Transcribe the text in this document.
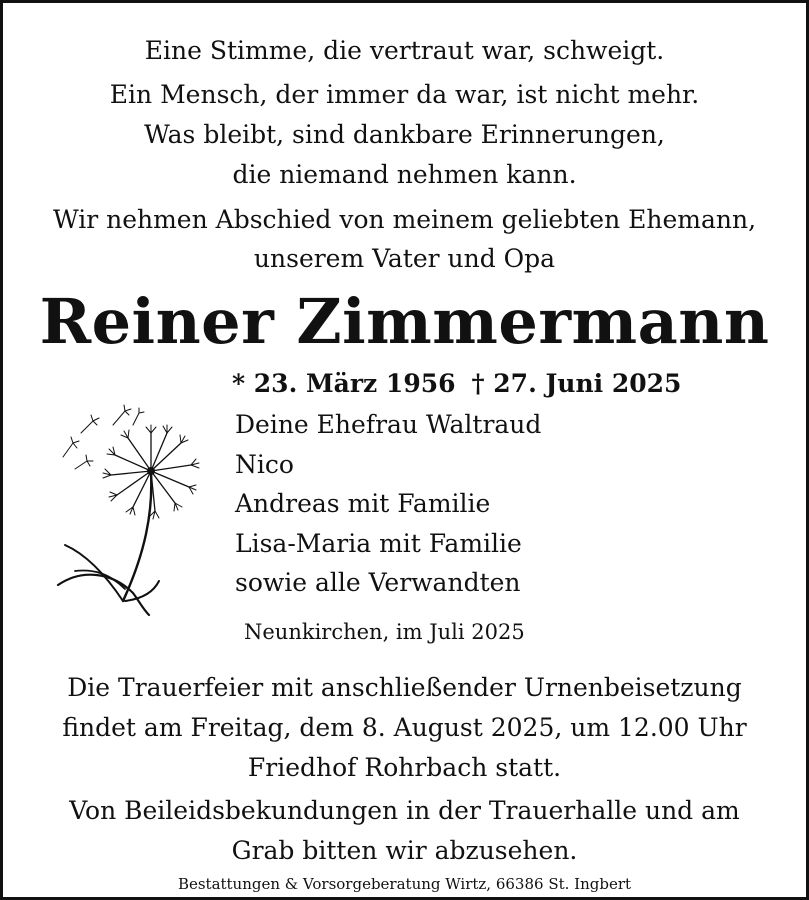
Eine Stimme, die vertraut war, schweigt.

Ein Mensch, der immer da war, ist nicht mehr.

Was bleibt, sind dankbare Erinnerungen,

die niemand nehmen kann.

Wir nehmen Abschied von meinem geliebten Ehemann,

unserem Vater und Opa

Reiner Zimmermann
* 23. März 1956 † 27. Juni 2025
Deine Ehefrau Waltraud
Nico
Andreas mit Familie
Lisa-Maria mit Familie
sowie alle Verwandten
Neunkirchen, im Juli 2025

Die Trauerfeier mit anschließender Urnenbeisetzung

findet am Freitag, dem 8. August 2025, um 12.00 Uhr

Friedhof Rohrbach statt.

Von Beileidsbekundungen in der Trauerhalle und am

Grab bitten wir abzusehen.

Bestattungen & Vorsorgeberatung Wirtz, 66386 St. Ingbert
